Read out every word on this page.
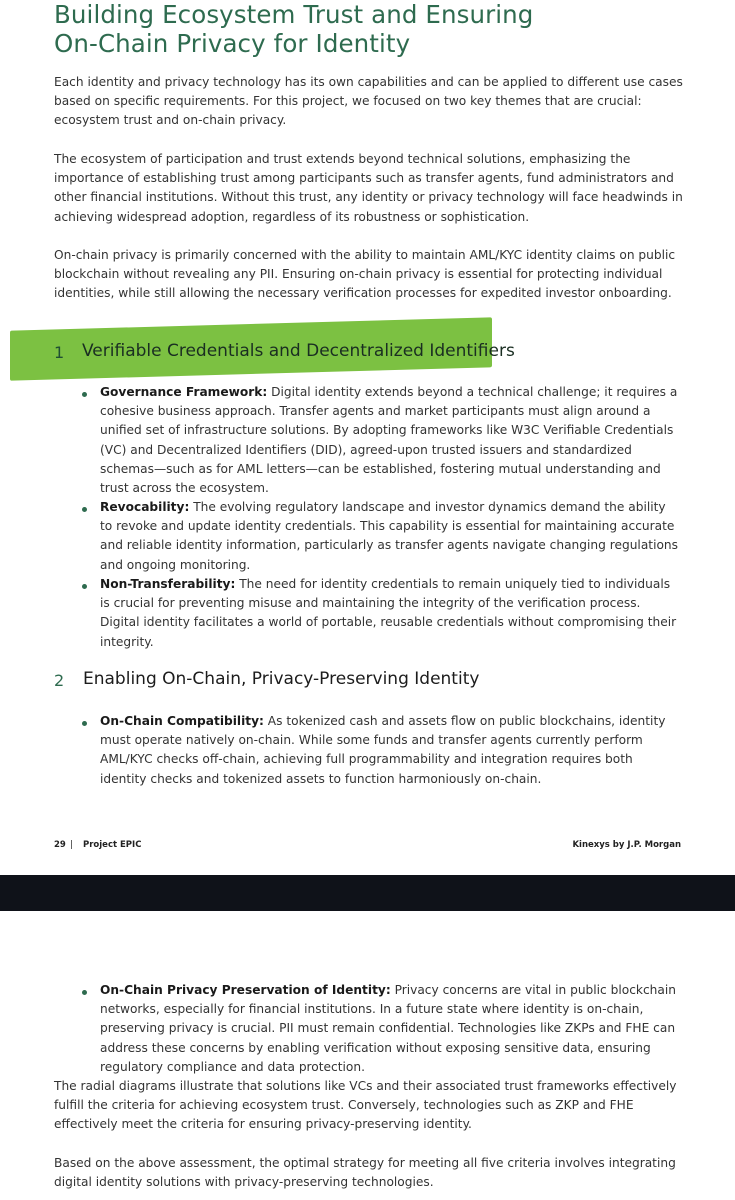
Building Ecosystem Trust and Ensuring
On-Chain Privacy for Identity

Each identity and privacy technology has its own capabilities and can be applied to different use cases based on specific requirements. For this project, we focused on two key themes that are crucial: ecosystem trust and on-chain privacy.

The ecosystem of participation and trust extends beyond technical solutions, emphasizing the importance of establishing trust among participants such as transfer agents, fund administrators and other financial institutions. Without this trust, any identity or privacy technology will face headwinds in achieving widespread adoption, regardless of its robustness or sophistication.

On-chain privacy is primarily concerned with the ability to maintain AML/KYC identity claims on public blockchain without revealing any PII. Ensuring on-chain privacy is essential for protecting individual identities, while still allowing the necessary verification processes for expedited investor onboarding.

1 Verifiable Credentials and Decentralized Identifiers

Governance Framework: Digital identity extends beyond a technical challenge; it requires a cohesive business approach. Transfer agents and market participants must align around a unified set of infrastructure solutions. By adopting frameworks like W3C Verifiable Credentials (VC) and Decentralized Identifiers (DID), agreed-upon trusted issuers and standardized schemas—such as for AML letters—can be established, fostering mutual understanding and trust across the ecosystem.

Revocability: The evolving regulatory landscape and investor dynamics demand the ability to revoke and update identity credentials. This capability is essential for maintaining accurate and reliable identity information, particularly as transfer agents navigate changing regulations and ongoing monitoring.

Non-Transferability: The need for identity credentials to remain uniquely tied to individuals is crucial for preventing misuse and maintaining the integrity of the verification process. Digital identity facilitates a world of portable, reusable credentials without compromising their integrity.

2 Enabling On-Chain, Privacy-Preserving Identity

On-Chain Compatibility: As tokenized cash and assets flow on public blockchains, identity must operate natively on-chain. While some funds and transfer agents currently perform AML/KYC checks off-chain, achieving full programmability and integration requires both identity checks and tokenized assets to function harmoniously on-chain.

29 | Project EPIC	Kinexys by J.P. Morgan

On-Chain Privacy Preservation of Identity: Privacy concerns are vital in public blockchain networks, especially for financial institutions. In a future state where identity is on-chain, preserving privacy is crucial. PII must remain confidential. Technologies like ZKPs and FHE can address these concerns by enabling verification without exposing sensitive data, ensuring regulatory compliance and data protection.

The radial diagrams illustrate that solutions like VCs and their associated trust frameworks effectively fulfill the criteria for achieving ecosystem trust. Conversely, technologies such as ZKP and FHE effectively meet the criteria for ensuring privacy-preserving identity.

Based on the above assessment, the optimal strategy for meeting all five criteria involves integrating digital identity solutions with privacy-preserving technologies.
